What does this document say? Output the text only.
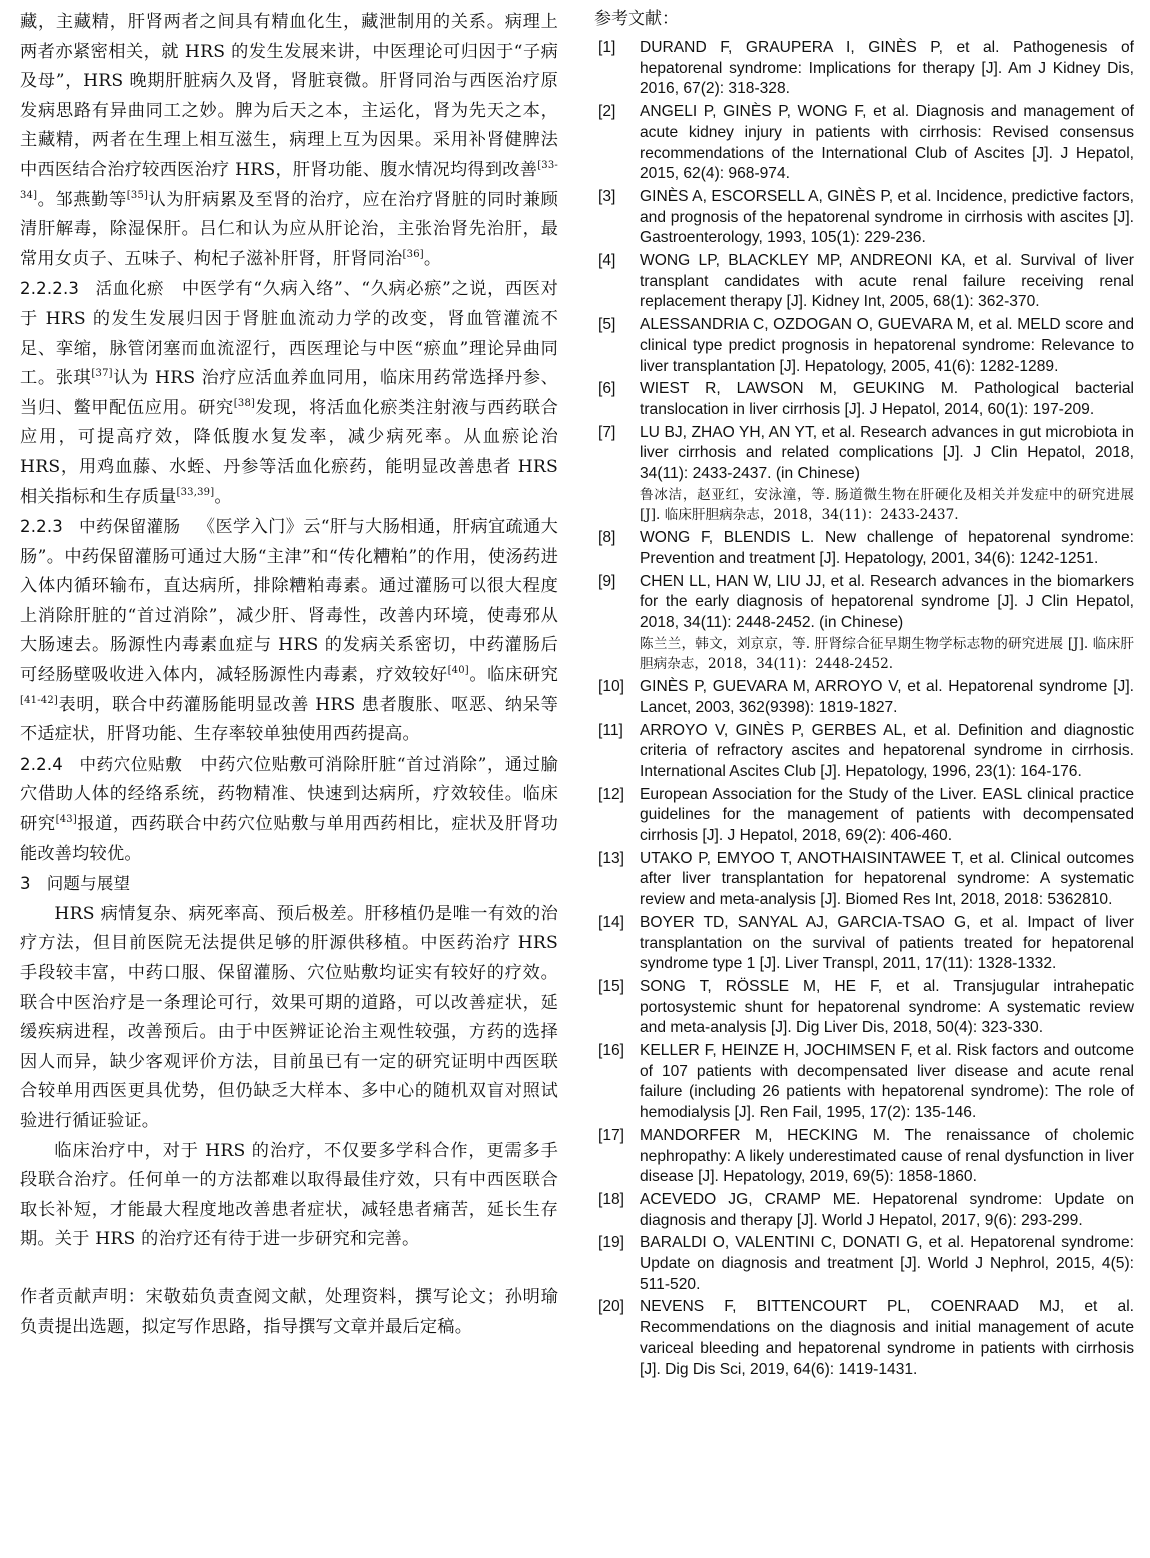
藏，主藏精，肝肾两者之间具有精血化生，藏泄制用的关系。病理上两者亦紧密相关，就 HRS 的发生发展来讲，中医理论可归因于“子病及母”，HRS 晚期肝脏病久及肾，肾脏衰微。肝肾同治与西医治疗原发病思路有异曲同工之妙。脾为后天之本，主运化，肾为先天之本，主藏精，两者在生理上相互滋生，病理上互为因果。采用补肾健脾法中西医结合治疗较西医治疗 HRS，肝肾功能、腹水情况均得到改善[33-34]。邹燕勤等[35]认为肝病累及至肾的治疗，应在治疗肾脏的同时兼顾清肝解毒，除湿保肝。吕仁和认为应从肝论治，主张治肾先治肝，最常用女贞子、五味子、枸杞子滋补肝肾，肝肾同治[36]。

2.2.2.3 活血化瘀  中医学有“久病入络”、“久病必瘀”之说，西医对于 HRS 的发生发展归因于肾脏血流动力学的改变，肾血管灌流不足、挛缩，脉管闭塞而血流涩行，西医理论与中医“瘀血”理论异曲同工。张琪[37]认为 HRS 治疗应活血养血同用，临床用药常选择丹参、当归、鳖甲配伍应用。研究[38]发现，将活血化瘀类注射液与西药联合应用，可提高疗效，降低腹水复发率，减少病死率。从血瘀论治 HRS，用鸡血藤、水蛭、丹参等活血化瘀药，能明显改善患者 HRS 相关指标和生存质量[33,39]。

2.2.3 中药保留灌肠  《医学入门》云“肝与大肠相通，肝病宜疏通大肠”。中药保留灌肠可通过大肠“主津”和“传化糟粕”的作用，使汤药进入体内循环输布，直达病所，排除糟粕毒素。通过灌肠可以很大程度上消除肝脏的“首过消除”，减少肝、肾毒性，改善内环境，使毒邪从大肠速去。肠源性内毒素血症与 HRS 的发病关系密切，中药灌肠后可经肠壁吸收进入体内，减轻肠源性内毒素，疗效较好[40]。临床研究[41-42]表明，联合中药灌肠能明显改善 HRS 患者腹胀、呕恶、纳呆等不适症状，肝肾功能、生存率较单独使用西药提高。

2.2.4 中药穴位贴敷  中药穴位贴敷可消除肝脏“首过消除”，通过腧穴借助人体的经络系统，药物精准、快速到达病所，疗效较佳。临床研究[43]报道，西药联合中药穴位贴敷与单用西药相比，症状及肝肾功能改善均较优。

3 问题与展望

HRS 病情复杂、病死率高、预后极差。肝移植仍是唯一有效的治疗方法，但目前医院无法提供足够的肝源供移植。中医药治疗 HRS 手段较丰富，中药口服、保留灌肠、穴位贴敷均证实有较好的疗效。联合中医治疗是一条理论可行，效果可期的道路，可以改善症状，延缓疾病进程，改善预后。由于中医辨证论治主观性较强，方药的选择因人而异，缺少客观评价方法，目前虽已有一定的研究证明中西医联合较单用西医更具优势，但仍缺乏大样本、多中心的随机双盲对照试验进行循证验证。

临床治疗中，对于 HRS 的治疗，不仅要多学科合作，更需多手段联合治疗。任何单一的方法都难以取得最佳疗效，只有中西医联合取长补短，才能最大程度地改善患者症状，减轻患者痛苦，延长生存期。关于 HRS 的治疗还有待于进一步研究和完善。

作者贡献声明：宋敬茹负责查阅文献，处理资料，撰写论文；孙明瑜负责提出选题，拟定写作思路，指导撰写文章并最后定稿。

参考文献：
[1] DURAND F, GRAUPERA I, GINÈS P, et al. Pathogenesis of hepatorenal syndrome: Implications for therapy [J]. Am J Kidney Dis, 2016, 67(2): 318-328.
[2] ANGELI P, GINÈS P, WONG F, et al. Diagnosis and management of acute kidney injury in patients with cirrhosis: Revised consensus recommendations of the International Club of Ascites [J]. J Hepatol, 2015, 62(4): 968-974.
[3] GINÈS A, ESCORSELL A, GINÈS P, et al. Incidence, predictive factors, and prognosis of the hepatorenal syndrome in cirrhosis with ascites [J]. Gastroenterology, 1993, 105(1): 229-236.
[4] WONG LP, BLACKLEY MP, ANDREONI KA, et al. Survival of liver transplant candidates with acute renal failure receiving renal replacement therapy [J]. Kidney Int, 2005, 68(1): 362-370.
[5] ALESSANDRIA C, OZDOGAN O, GUEVARA M, et al. MELD score and clinical type predict prognosis in hepatorenal syndrome: Relevance to liver transplantation [J]. Hepatology, 2005, 41(6): 1282-1289.
[6] WIEST R, LAWSON M, GEUKING M. Pathological bacterial translocation in liver cirrhosis [J]. J Hepatol, 2014, 60(1): 197-209.
[7] LU BJ, ZHAO YH, AN YT, et al. Research advances in gut microbiota in liver cirrhosis and related complications [J]. J Clin Hepatol, 2018, 34(11): 2433-2437. (in Chinese)
鲁冰洁，赵亚红，安泳潼，等. 肠道微生物在肝硬化及相关并发症中的研究进展 [J]. 临床肝胆病杂志，2018，34(11)：2433-2437.
[8] WONG F, BLENDIS L. New challenge of hepatorenal syndrome: Prevention and treatment [J]. Hepatology, 2001, 34(6): 1242-1251.
[9] CHEN LL, HAN W, LIU JJ, et al. Research advances in the biomarkers for the early diagnosis of hepatorenal syndrome [J]. J Clin Hepatol, 2018, 34(11): 2448-2452. (in Chinese)
陈兰兰，韩文，刘京京，等. 肝肾综合征早期生物学标志物的研究进展 [J]. 临床肝胆病杂志，2018，34(11)：2448-2452.
[10] GINÈS P, GUEVARA M, ARROYO V, et al. Hepatorenal syndrome [J]. Lancet, 2003, 362(9398): 1819-1827.
[11] ARROYO V, GINÈS P, GERBES AL, et al. Definition and diagnostic criteria of refractory ascites and hepatorenal syndrome in cirrhosis. International Ascites Club [J]. Hepatology, 1996, 23(1): 164-176.
[12] European Association for the Study of the Liver. EASL clinical practice guidelines for the management of patients with decompensated cirrhosis [J]. J Hepatol, 2018, 69(2): 406-460.
[13] UTAKO P, EMYOO T, ANOTHAISINTAWEE T, et al. Clinical outcomes after liver transplantation for hepatorenal syndrome: A systematic review and meta-analysis [J]. Biomed Res Int, 2018, 2018: 5362810.
[14] BOYER TD, SANYAL AJ, GARCIA-TSAO G, et al. Impact of liver transplantation on the survival of patients treated for hepatorenal syndrome type 1 [J]. Liver Transpl, 2011, 17(11): 1328-1332.
[15] SONG T, RÖSSLE M, HE F, et al. Transjugular intrahepatic portosystemic shunt for hepatorenal syndrome: A systematic review and meta-analysis [J]. Dig Liver Dis, 2018, 50(4): 323-330.
[16] KELLER F, HEINZE H, JOCHIMSEN F, et al. Risk factors and outcome of 107 patients with decompensated liver disease and acute renal failure (including 26 patients with hepatorenal syndrome): The role of hemodialysis [J]. Ren Fail, 1995, 17(2): 135-146.
[17] MANDORFER M, HECKING M. The renaissance of cholemic nephropathy: A likely underestimated cause of renal dysfunction in liver disease [J]. Hepatology, 2019, 69(5): 1858-1860.
[18] ACEVEDO JG, CRAMP ME. Hepatorenal syndrome: Update on diagnosis and therapy [J]. World J Hepatol, 2017, 9(6): 293-299.
[19] BARALDI O, VALENTINI C, DONATI G, et al. Hepatorenal syndrome: Update on diagnosis and treatment [J]. World J Nephrol, 2015, 4(5): 511-520.
[20] NEVENS F, BITTENCOURT PL, COENRAAD MJ, et al. Recommendations on the diagnosis and initial management of acute variceal bleeding and hepatorenal syndrome in patients with cirrhosis [J]. Dig Dis Sci, 2019, 64(6): 1419-1431.
